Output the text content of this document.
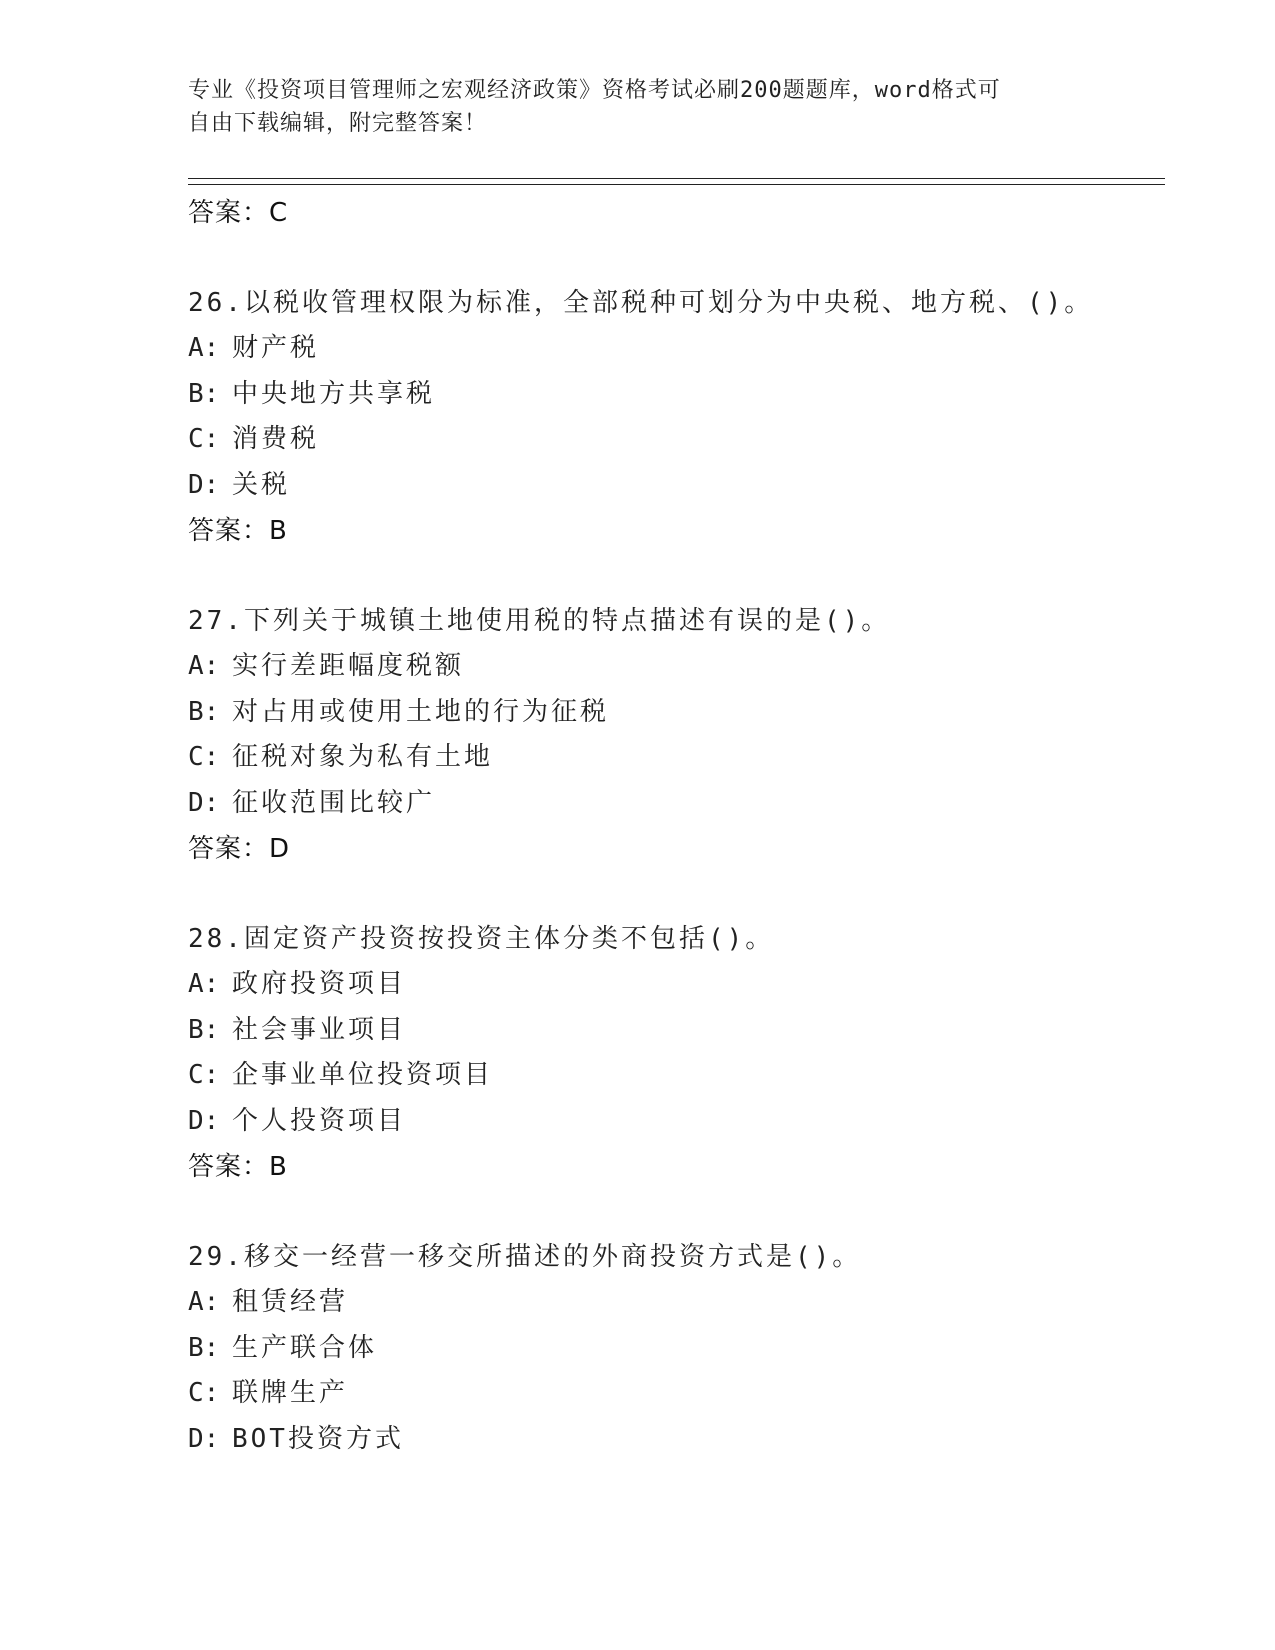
专业《投资项目管理师之宏观经济政策》资格考试必刷200题题库，word格式可
自由下载编辑，附完整答案！
答案：C
26.以税收管理权限为标准，全部税种可划分为中央税、地方税、()。
A: 财产税
B: 中央地方共享税
C: 消费税
D: 关税
答案：B
27.下列关于城镇土地使用税的特点描述有误的是()。
A: 实行差距幅度税额
B: 对占用或使用土地的行为征税
C: 征税对象为私有土地
D: 征收范围比较广
答案：D
28.固定资产投资按投资主体分类不包括()。
A: 政府投资项目
B: 社会事业项目
C: 企事业单位投资项目
D: 个人投资项目
答案：B
29.移交一经营一移交所描述的外商投资方式是()。
A: 租赁经营
B: 生产联合体
C: 联牌生产
D: BOT投资方式
